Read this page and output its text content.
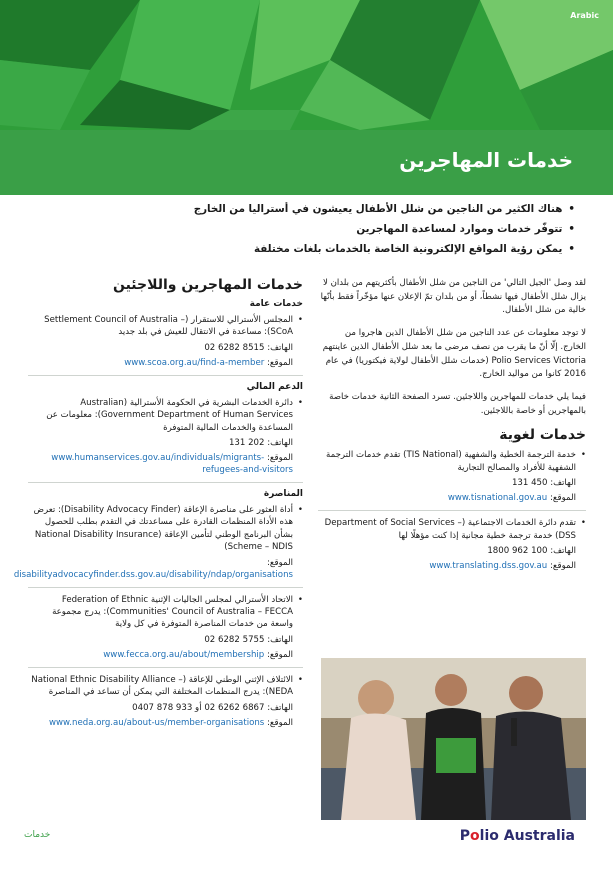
Arabic
خدمات المهاجرين
• هناك الكثير من الناجين من شلل الأطفال يعيشون في أستراليا من الخارج
• تتوفّر خدمات وموارد لمساعدة المهاجرين
• يمكن رؤية المواقع الإلكترونية الخاصة بالخدمات بلغات مختلفة
خدمات المهاجرين واللاجئين
خدمات عامة
• المجلس الأسترالي للاستقرار (Settlement Council of Australia – SCoA): مساعدة في الانتقال للعيش في بلد جديد
الهاتف: 8515 6282 02
الموقع: www.scoa.org.au/find-a-member
الدعم المالي
• دائرة الخدمات البشرية في الحكومة الأسترالية (Australian Government Department of Human Services): معلومات عن المساعدة والخدمات المالية المتوفرة
الهاتف: 202 131
الموقع: www.humanservices.gov.au/individuals/migrants-refugees-and-visitors
المناصرة
• أداة العثور على مناصرة الإعاقة (Disability Advocacy Finder): تعرض هذه الأداة المنظمات القادرة على مساعدتك في التقدم بطلب للحصول بشأن البرنامج الوطني لتأمين الإعاقة (National Disability Insurance Scheme – NDIS)
الموقع: disabilityadvocacyfinder.dss.gov.au/disability/ndap/organisations
• الاتحاد الأسترالي لمجلس الجاليات الإثنية Federation of Ethnic Communities' Council of Australia – FECCA): يدرج مجموعة واسعة من خدمات المناصرة المتوفرة في كل ولاية
الهاتف: 5755 6282 02
الموقع: www.fecca.org.au/about/membership
• الائتلاف الإثني الوطني للإعاقة (National Ethnic Disability Alliance – NEDA): يدرج المنظمات المختلفة التي يمكن أن تساعد في المناصرة
الهاتف: 6867 6262 02 أو 933 878 0407
الموقع: www.neda.org.au/about-us/member-organisations
لقد وصل 'الجيل التالي' من الناجين من شلل الأطفال بأكثريتهم من بلدان لا يزال شلل الأطفال فيها نشطاً، أو من بلدان تمّ الإعلان عنها مؤخّراً فقط بأنّها خالية من شلل الأطفال.
لا توجد معلومات عن عدد الناجين من شلل الأطفال الذين هاجروا من الخارج. إلّا أنّ ما يقرب من نصف مرضى ما بعد شلل الأطفال الذين عاينتهم Polio Services Victoria (خدمات شلل الأطفال لولاية فيكتوريا) في عام 2016 كانوا من مواليد الخارج.
فيما يلي خدمات للمهاجرين واللاجئين. تسرد الصفحة الثانية خدمات خاصة بالمهاجرين أو خاصة باللاجئين.
خدمات لغوية
• خدمة الترجمة الخطية والشفهية (TIS National) تقدم خدمات الترجمة الشفهية للأفراد والمصالح التجارية
الهاتف: 450 131
الموقع: www.tisnational.gov.au
• تقدم دائرة الخدمات الاجتماعية (Department of Social Services – DSS) خدمة ترجمة خطية مجانية إذا كنت مؤهلًا لها
الهاتف: 100 962 1800
الموقع: www.translating.dss.gov.au
خدمات	Polio Australia
